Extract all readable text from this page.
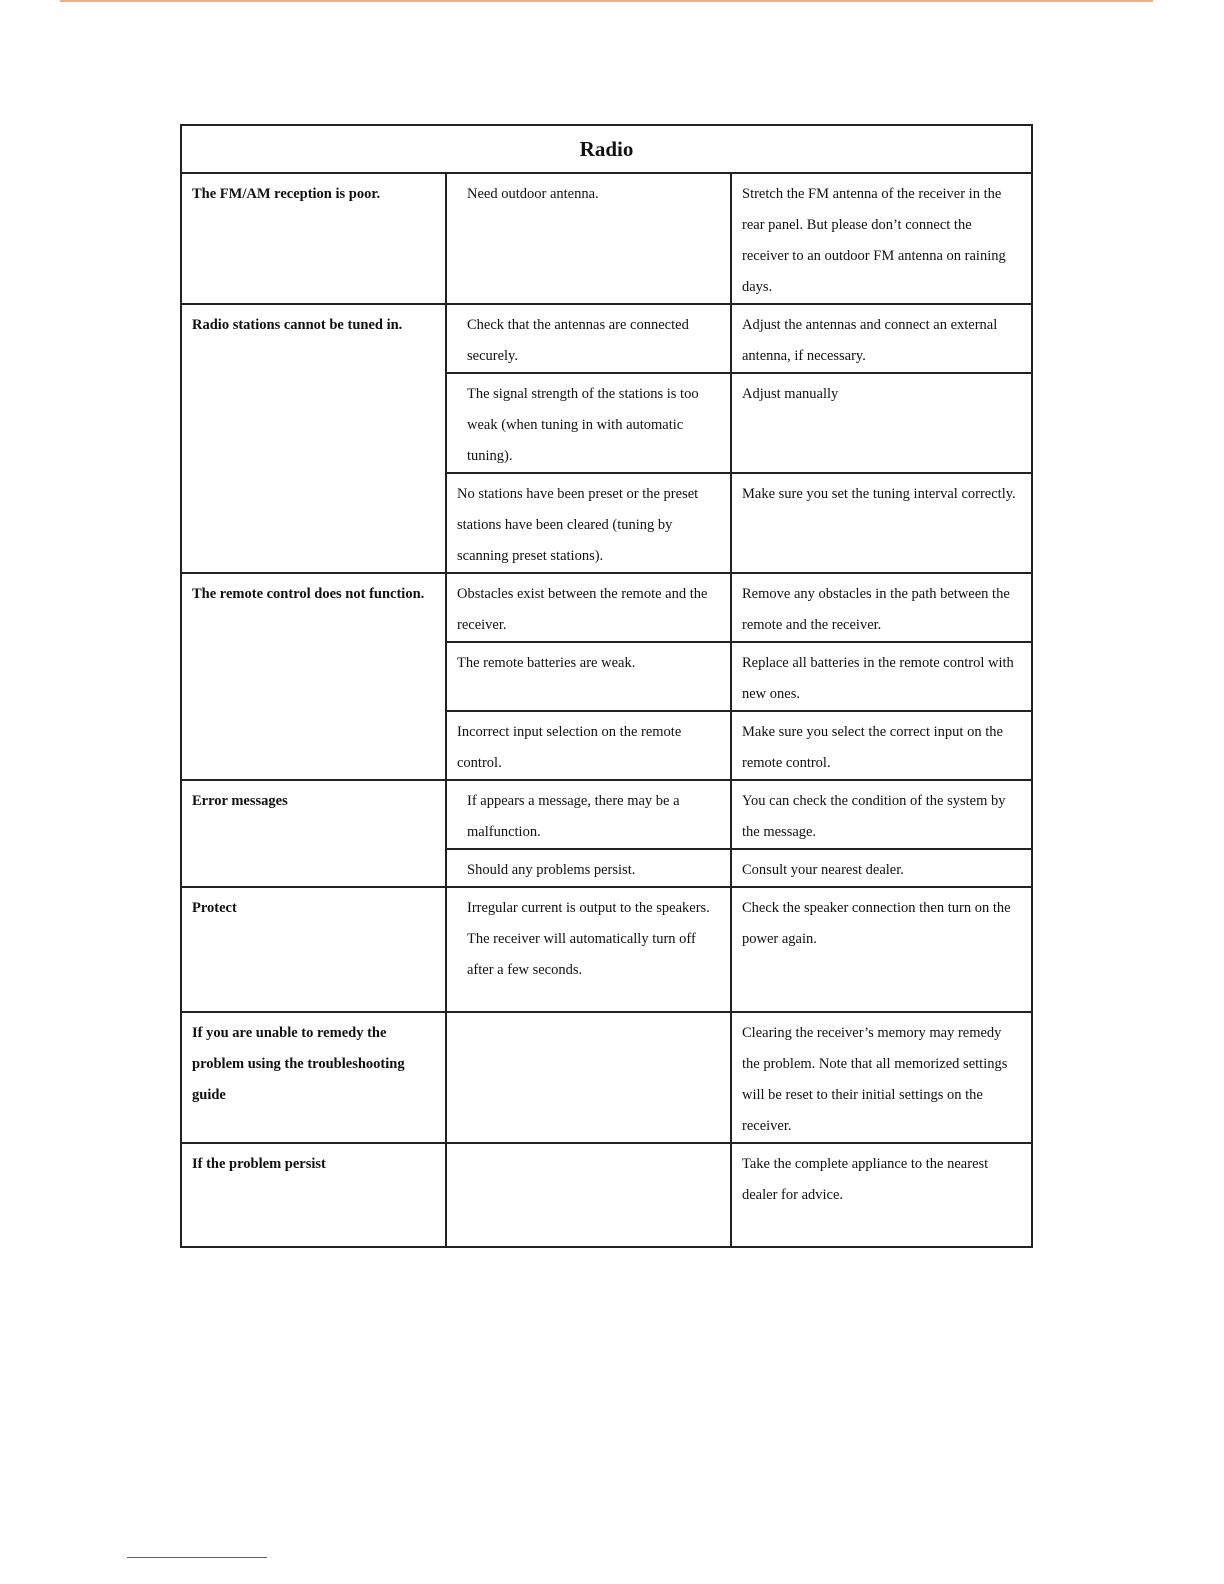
Radio		
The FM/AM reception is poor.	Need outdoor antenna.	Stretch the FM antenna of the receiver in the rear panel. But please don’t connect the receiver to an outdoor FM antenna on raining days.
Radio stations cannot be tuned in.	Check that the antennas are connected securely.	Adjust the antennas and connect an external antenna, if necessary.
	The signal strength of the stations is too weak (when tuning in with automatic tuning).	Adjust manually
	No stations have been preset or the preset stations have been cleared (tuning by scanning preset stations).	Make sure you set the tuning interval correctly.
The remote control does not function.	Obstacles exist between the remote and the receiver.	Remove any obstacles in the path between the remote and the receiver.
	The remote batteries are weak.	Replace all batteries in the remote control with new ones.
	Incorrect input selection on the remote control.	Make sure you select the correct input on the remote control.
Error messages	If appears a message, there may be a malfunction.	You can check the condition of the system by the message.
	Should any problems persist.	Consult your nearest dealer.
Protect	Irregular current is output to the speakers. The receiver will automatically turn off after a few seconds.	Check the speaker connection then turn on the power again.
If you are unable to remedy the problem using the troubleshooting guide		Clearing the receiver’s memory may remedy the problem. Note that all memorized settings will be reset to their initial settings on the receiver.
If the problem persist		Take the complete appliance to the nearest dealer for advice.
